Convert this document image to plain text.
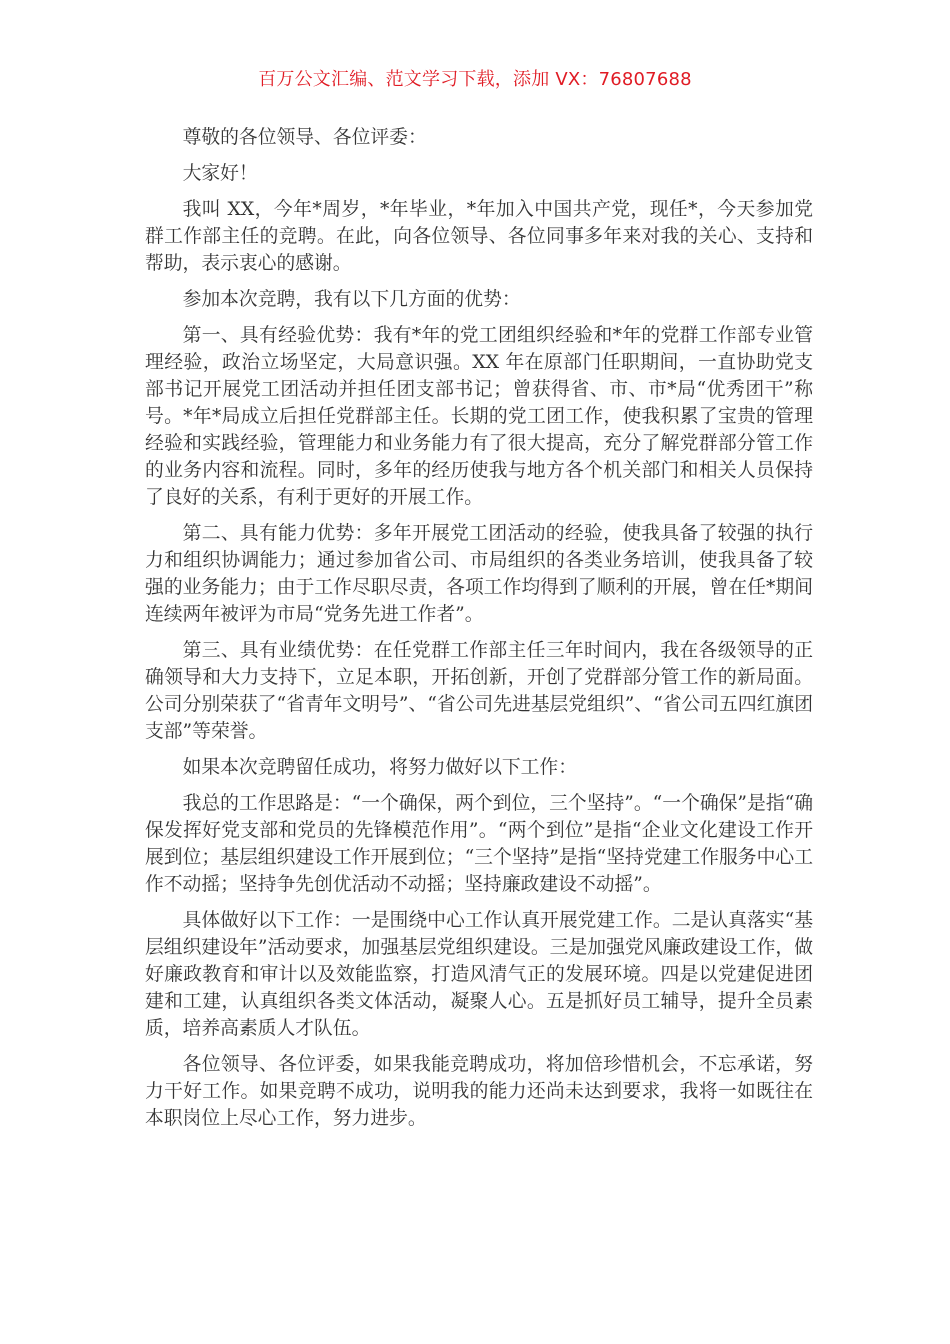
百万公文汇编、范文学习下载，添加 VX：76807688

尊敬的各位领导、各位评委：

大家好！

我叫 XX，今年*周岁，*年毕业，*年加入中国共产党，现任*，今天参加党群工作部主任的竞聘。在此，向各位领导、各位同事多年来对我的关心、支持和帮助，表示衷心的感谢。

参加本次竞聘，我有以下几方面的优势：

第一、具有经验优势：我有*年的党工团组织经验和*年的党群工作部专业管理经验，政治立场坚定，大局意识强。XX 年在原部门任职期间，一直协助党支部书记开展党工团活动并担任团支部书记；曾获得省、市、市*局“优秀团干”称号。*年*局成立后担任党群部主任。长期的党工团工作，使我积累了宝贵的管理经验和实践经验，管理能力和业务能力有了很大提高，充分了解党群部分管工作的业务内容和流程。同时，多年的经历使我与地方各个机关部门和相关人员保持了良好的关系，有利于更好的开展工作。

第二、具有能力优势：多年开展党工团活动的经验，使我具备了较强的执行力和组织协调能力；通过参加省公司、市局组织的各类业务培训，使我具备了较强的业务能力；由于工作尽职尽责，各项工作均得到了顺利的开展，曾在任*期间连续两年被评为市局“党务先进工作者”。

第三、具有业绩优势：在任党群工作部主任三年时间内，我在各级领导的正确领导和大力支持下，立足本职，开拓创新，开创了党群部分管工作的新局面。公司分别荣获了“省青年文明号”、“省公司先进基层党组织”、“省公司五四红旗团支部”等荣誉。

如果本次竞聘留任成功，将努力做好以下工作：

我总的工作思路是：“一个确保，两个到位，三个坚持”。“一个确保”是指“确保发挥好党支部和党员的先锋模范作用”。“两个到位”是指“企业文化建设工作开展到位；基层组织建设工作开展到位；“三个坚持”是指“坚持党建工作服务中心工作不动摇；坚持争先创优活动不动摇；坚持廉政建设不动摇”。

具体做好以下工作：一是围绕中心工作认真开展党建工作。二是认真落实“基层组织建设年”活动要求，加强基层党组织建设。三是加强党风廉政建设工作，做好廉政教育和审计以及效能监察，打造风清气正的发展环境。四是以党建促进团建和工建，认真组织各类文体活动，凝聚人心。五是抓好员工辅导，提升全员素质，培养高素质人才队伍。

各位领导、各位评委，如果我能竞聘成功，将加倍珍惜机会，不忘承诺，努力干好工作。如果竞聘不成功，说明我的能力还尚未达到要求，我将一如既往在本职岗位上尽心工作，努力进步。
